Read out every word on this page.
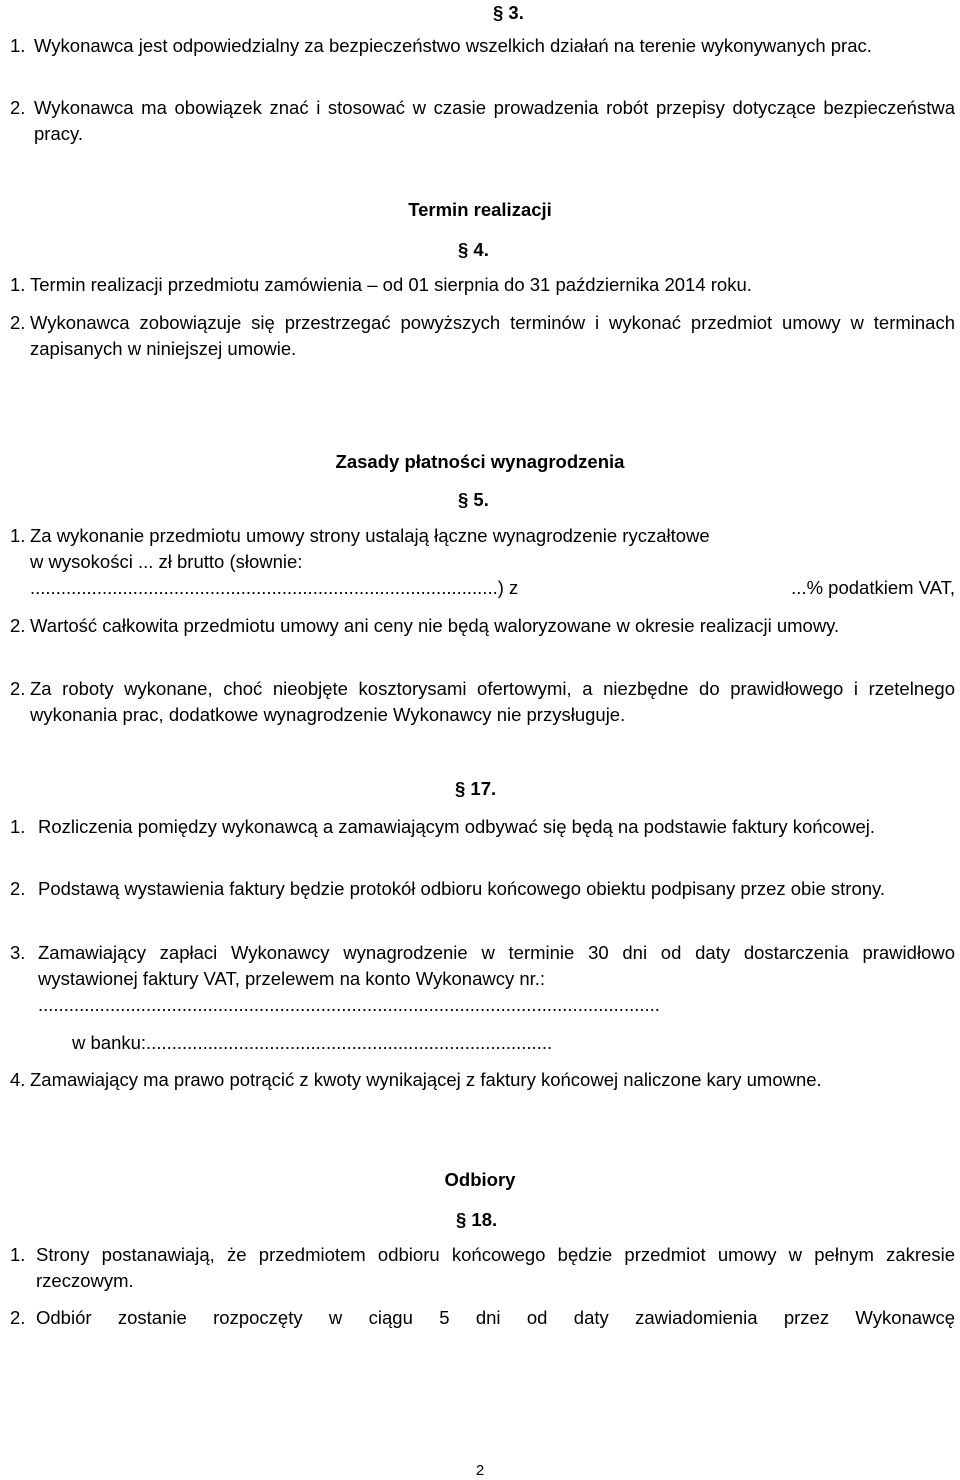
§ 3.
1. Wykonawca jest odpowiedzialny za bezpieczeństwo wszelkich działań na terenie wykonywanych prac.
2. Wykonawca ma obowiązek znać i stosować w czasie prowadzenia robót przepisy dotyczące bezpieczeństwa pracy.
Termin realizacji
§ 4.
1. Termin realizacji przedmiotu zamówienia – od 01 sierpnia do 31 października 2014 roku.
2. Wykonawca zobowiązuje się przestrzegać powyższych terminów i wykonać przedmiot umowy w terminach zapisanych w niniejszej umowie.
Zasady płatności wynagrodzenia
§ 5.
1. Za wykonanie przedmiotu umowy strony ustalają łączne wynagrodzenie ryczałtowe
w wysokości ... zł brutto (słownie:
...........................................................................................) z	...% podatkiem VAT,
2. Wartość całkowita przedmiotu umowy ani ceny nie będą waloryzowane w okresie realizacji umowy.
2. Za roboty wykonane, choć nieobjęte kosztorysami ofertowymi, a niezbędne do prawidłowego i rzetelnego wykonania prac, dodatkowe wynagrodzenie Wykonawcy nie przysługuje.
§ 17.
1. Rozliczenia pomiędzy wykonawcą a zamawiającym odbywać się będą na podstawie faktury końcowej.
2. Podstawą wystawienia faktury będzie protokół odbioru końcowego obiektu podpisany przez obie strony.
3. Zamawiający zapłaci Wykonawcy wynagrodzenie w terminie 30 dni od daty dostarczenia prawidłowo wystawionej faktury VAT, przelewem na konto Wykonawcy nr.:
.........................................................................................................................
w banku:...............................................................................
4. Zamawiający ma prawo potrącić z kwoty wynikającej z faktury końcowej naliczone kary umowne.
Odbiory
§ 18.
1. Strony postanawiają, że przedmiotem odbioru końcowego będzie przedmiot umowy w pełnym zakresie rzeczowym.
2. Odbiór zostanie rozpoczęty w ciągu 5 dni od daty zawiadomienia przez Wykonawcę
2
